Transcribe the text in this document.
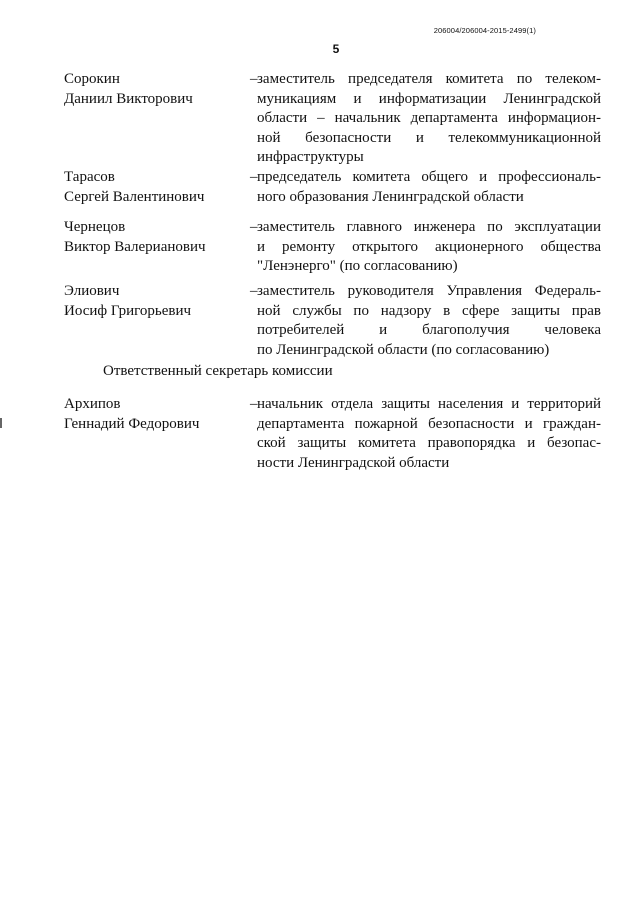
206004/206004-2015-2499(1)
5
Сорокин
Даниил Викторович
– заместитель председателя комитета по телеком-
муникациям и информатизации Ленинградской
области – начальник департамента информацион-
ной безопасности и телекоммуникационной
инфраструктуры
Тарасов
Сергей Валентинович
– председатель комитета общего и профессиональ-
ного образования Ленинградской области
Чернецов
Виктор Валерианович
– заместитель главного инженера по эксплуатации
и ремонту открытого акционерного общества
"Ленэнерго" (по согласованию)
Элиович
Иосиф Григорьевич
– заместитель руководителя Управления Федераль-
ной службы по надзору в сфере защиты прав
потребителей и благополучия человека
по Ленинградской области (по согласованию)
Ответственный секретарь комиссии
Архипов
Геннадий Федорович
– начальник отдела защиты населения и территорий
департамента пожарной безопасности и граждан-
ской защиты комитета правопорядка и безопас-
ности Ленинградской области
